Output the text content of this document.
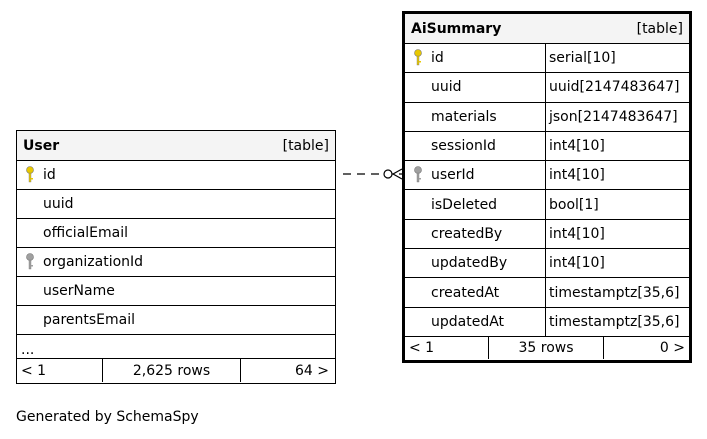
User	[table]
id
uuid
officialEmail
organizationId
userName
parentsEmail
...
< 1	2,625 rows	64 >
AiSummary	[table]
id	serial[10]
uuid	uuid[2147483647]
materials	json[2147483647]
sessionId	int4[10]
userId	int4[10]
isDeleted	bool[1]
createdBy	int4[10]
updatedBy	int4[10]
createdAt	timestamptz[35,6]
updatedAt	timestamptz[35,6]
< 1	35 rows	0 >
Generated by SchemaSpy
